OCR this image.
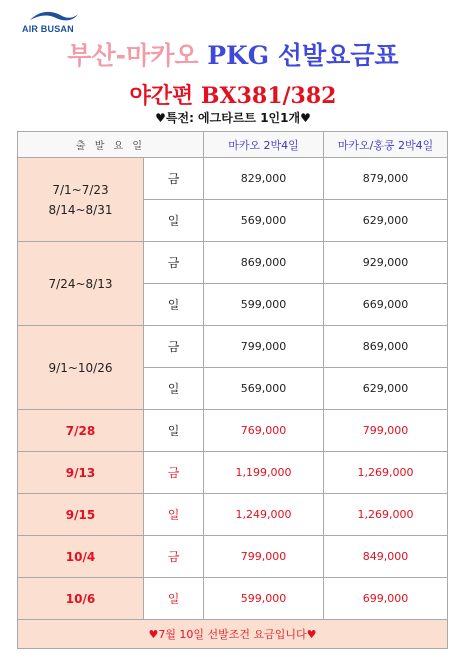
AIR BUSAN
부산-마카오 PKG 선발요금표
야간편 BX381/382
♥특전: 에그타르트 1인1개♥
출 발 요 일		마카오 2박4일	마카오/홍콩 2박4일

7/1~7/23
8/14~8/31	금	829,000	879,000
	일	569,000	629,000

7/24~8/13	금	869,000	929,000
	일	599,000	669,000

9/1~10/26	금	799,000	869,000
	일	569,000	629,000
7/28	일	769,000	799,000
9/13	금	1,199,000	1,269,000
9/15	일	1,249,000	1,269,000
10/4	금	799,000	849,000
10/6	일	599,000	699,000
♥7월 10일 선발조건 요금입니다♥			
